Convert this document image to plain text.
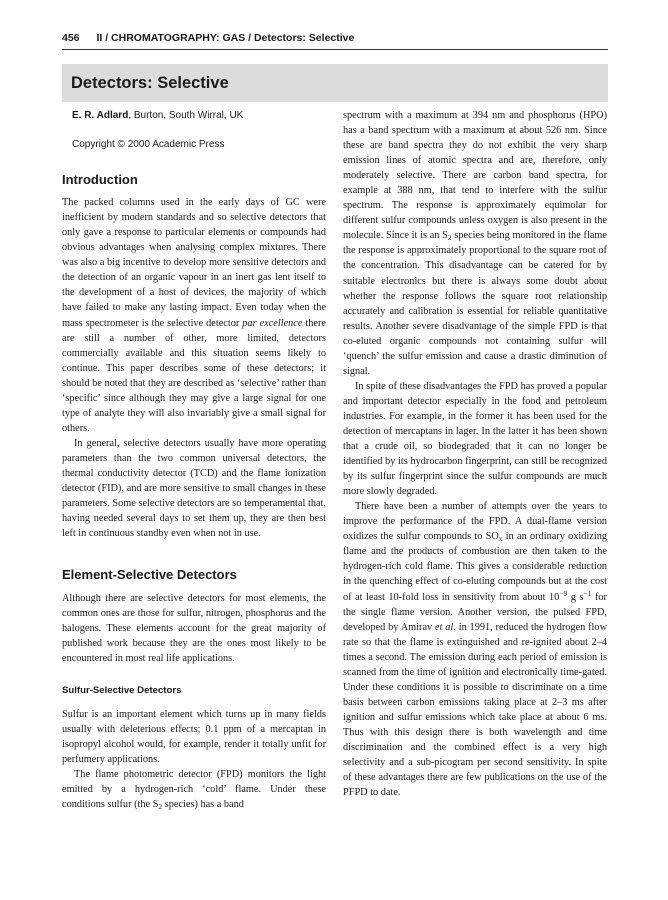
456 II / CHROMATOGRAPHY: GAS / Detectors: Selective
Detectors: Selective
E. R. Adlard, Burton, South Wirral, UK
Copyright © 2000 Academic Press
Introduction

The packed columns used in the early days of GC were inefficient by modern standards and so selective detectors that only gave a response to particular elements or compounds had obvious advantages when analysing complex mixtures. There was also a big incentive to develop more sensitive detectors and the detection of an organic vapour in an inert gas lent itself to the development of a host of devices, the majority of which have failed to make any lasting impact. Even today when the mass spectrometer is the selective detector par excellence there are still a number of other, more limited, detectors commercially available and this situation seems likely to continue. This paper describes some of these detectors; it should be noted that they are described as ‘selective’ rather than ‘specific’ since although they may give a large signal for one type of analyte they will also invariably give a small signal for others.

In general, selective detectors usually have more operating parameters than the two common universal detectors, the thermal conductivity detector (TCD) and the flame ionization detector (FID), and are more sensitive to small changes in these parameters. Some selective detectors are so temperamental that, having needed several days to set them up, they are then best left in continuous standby even when not in use.

Element-Selective Detectors

Although there are selective detectors for most elements, the common ones are those for sulfur, nitrogen, phosphorus and the halogens. These elements account for the great majority of published work because they are the ones most likely to be encountered in most real life applications.

Sulfur-Selective Detectors

Sulfur is an important element which turns up in many fields usually with deleterious effects; 0.1 ppm of a mercaptan in isopropyl alcohol would, for example, render it totally unfit for perfumery applications.

The flame photometric detector (FPD) monitors the light emitted by a hydrogen-rich ‘cold’ flame. Under these conditions sulfur (the $S_2$ species) has a band

spectrum with a maximum at 394 nm and phosphorus (HPO) has a band spectrum with a maximum at about 526 nm. Since these are band spectra they do not exhibit the very sharp emission lines of atomic spectra and are, therefore, only moderately selective. There are carbon band spectra, for example at 388 nm, that tend to interfere with the sulfur spectrum. The response is approximately equimolar for different sulfur compounds unless oxygen is also present in the molecule. Since it is an $S_2$ species being monitored in the flame the response is approximately proportional to the square root of the concentration. This disadvantage can be catered for by suitable electronics but there is always some doubt about whether the response follows the square root relationship accurately and calibration is essential for reliable quantitative results. Another severe disadvantage of the simple FPD is that co-eluted organic compounds not containing sulfur will ‘quench’ the sulfur emission and cause a drastic diminution of signal.

In spite of these disadvantages the FPD has proved a popular and important detector especially in the food and petroleum industries. For example, in the former it has been used for the detection of mercaptans in lager. In the latter it has been shown that a crude oil, so biodegraded that it can no longer be identified by its hydrocarbon fingerprint, can still be recognized by its sulfur fingerprint since the sulfur compounds are much more slowly degraded.

There have been a number of attempts over the years to improve the performance of the FPD. A dual-flame version oxidizes the sulfur compounds to $SO_x$ in an ordinary oxidizing flame and the products of combustion are then taken to the hydrogen-rich cold flame. This gives a considerable reduction in the quenching effect of co-eluting compounds but at the cost of at least 10-fold loss in sensitivity from about $10^{-9}$ g $s^{-1}$ for the single flame version. Another version, the pulsed FPD, developed by Amirav et al. in 1991, reduced the hydrogen flow rate so that the flame is extinguished and re-ignited about 2–4 times a second. The emission during each period of emission is scanned from the time of ignition and electronically time-gated. Under these conditions it is possible to discriminate on a time basis between carbon emissions taking place at 2–3 ms after ignition and sulfur emissions which take place at about 6 ms. Thus with this design there is both wavelength and time discrimination and the combined effect is a very high selectivity and a sub-picogram per second sensitivity. In spite of these advantages there are few publications on the use of the PFPD to date.
